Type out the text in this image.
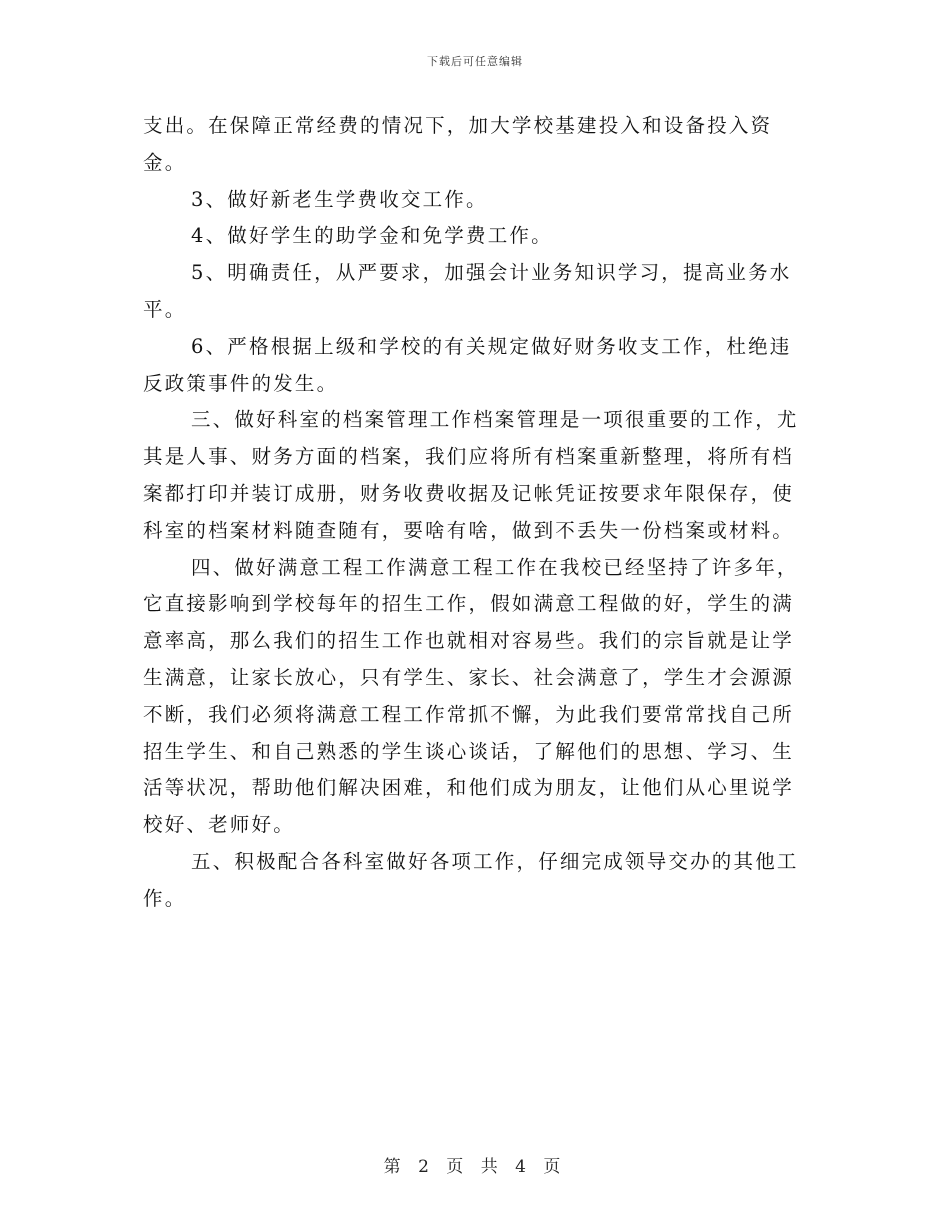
下载后可任意编辑

支出。在保障正常经费的情况下，加大学校基建投入和设备投入资金。

3、做好新老生学费收交工作。

4、做好学生的助学金和免学费工作。

5、明确责任，从严要求，加强会计业务知识学习，提高业务水平。

6、严格根据上级和学校的有关规定做好财务收支工作，杜绝违反政策事件的发生。

三、做好科室的档案管理工作档案管理是一项很重要的工作，尤其是人事、财务方面的档案，我们应将所有档案重新整理，将所有档案都打印并装订成册，财务收费收据及记帐凭证按要求年限保存，使科室的档案材料随查随有，要啥有啥，做到不丢失一份档案或材料。

四、做好满意工程工作满意工程工作在我校已经坚持了许多年，它直接影响到学校每年的招生工作，假如满意工程做的好，学生的满意率高，那么我们的招生工作也就相对容易些。我们的宗旨就是让学生满意，让家长放心，只有学生、家长、社会满意了，学生才会源源不断，我们必须将满意工程工作常抓不懈，为此我们要常常找自己所招生学生、和自己熟悉的学生谈心谈话，了解他们的思想、学习、生活等状况，帮助他们解决困难，和他们成为朋友，让他们从心里说学校好、老师好。

五、积极配合各科室做好各项工作，仔细完成领导交办的其他工作。

第 2 页 共 4 页
